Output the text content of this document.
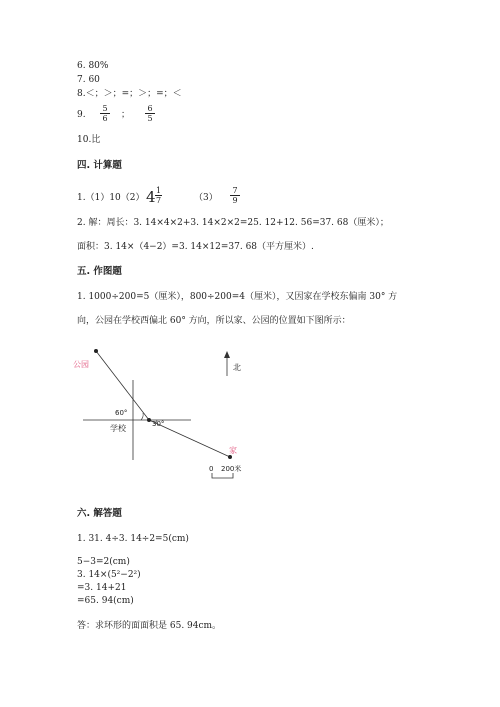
6. 80%
7. 60
8.＜；＞；=；＞；=；＜
9.
5
6	；
6
5
10.比
四. 计算题
1.（1）10（2） 4 1
7	（3）
7
9
2. 解：周长：3. 14×4×2+3. 14×2×2=25. 12+12. 56=37. 68（厘米）；
面积：3. 14×（4−2）=3. 14×12=37. 68（平方厘米）.
五. 作图题
1. 1000÷200=5（厘米），800÷200=4（厘米），又因家在学校东偏南 30° 方
向，公园在学校西偏北 60° 方向，所以家、公园的位置如下图所示：
公园
学校
家
北
60°
30°
0 200米
六. 解答题
1. 31. 4÷3. 14÷2=5(cm)
5−3=2(cm)
3. 14×(5²−2²)
=3. 14+21
=65. 94(cm)
答：求环形的面面积是 65. 94cm。
